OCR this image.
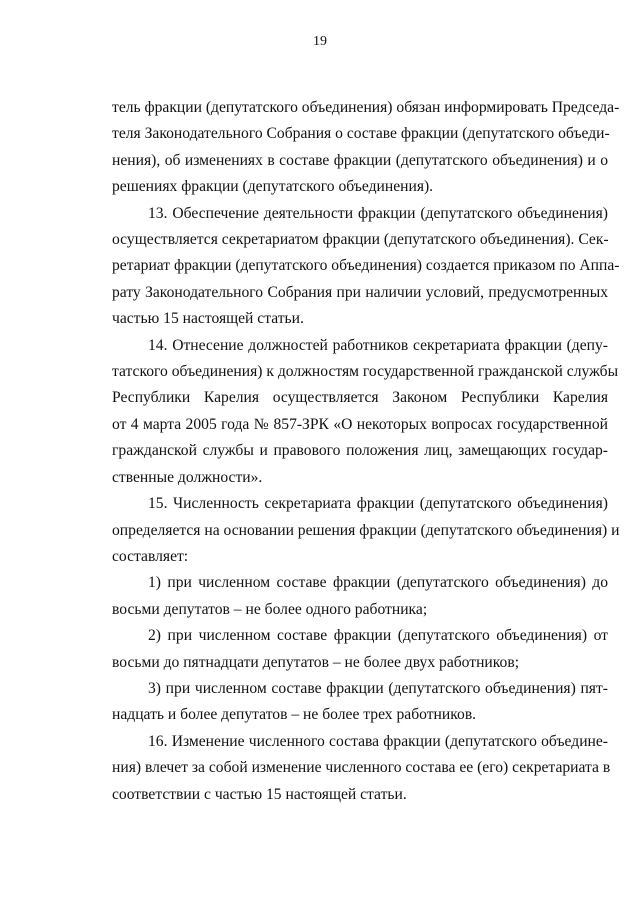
19

тель фракции (депутатского объединения) обязан информировать Председа-
теля Законодательного Собрания о составе фракции (депутатского объеди-
нения), об изменениях в составе фракции (депутатского объединения) и о
решениях фракции (депутатского объединения).

13. Обеспечение деятельности фракции (депутатского объединения)
осуществляется секретариатом фракции (депутатского объединения). Сек-
ретариат фракции (депутатского объединения) создается приказом по Аппа-
рату Законодательного Собрания при наличии условий, предусмотренных
частью 15 настоящей статьи.

14. Отнесение должностей работников секретариата фракции (депу-
татского объединения) к должностям государственной гражданской службы
Республики Карелия осуществляется Законом Республики Карелия
от 4 марта 2005 года № 857-ЗРК «О некоторых вопросах государственной
гражданской службы и правового положения лиц, замещающих государ-
ственные должности».

15. Численность секретариата фракции (депутатского объединения)
определяется на основании решения фракции (депутатского объединения) и
составляет:

1) при численном составе фракции (депутатского объединения) до
восьми депутатов – не более одного работника;

2) при численном составе фракции (депутатского объединения) от
восьми до пятнадцати депутатов – не более двух работников;

3) при численном составе фракции (депутатского объединения) пят-
надцать и более депутатов – не более трех работников.

16. Изменение численного состава фракции (депутатского объедине-
ния) влечет за собой изменение численного состава ее (его) секретариата в
соответствии с частью 15 настоящей статьи.
